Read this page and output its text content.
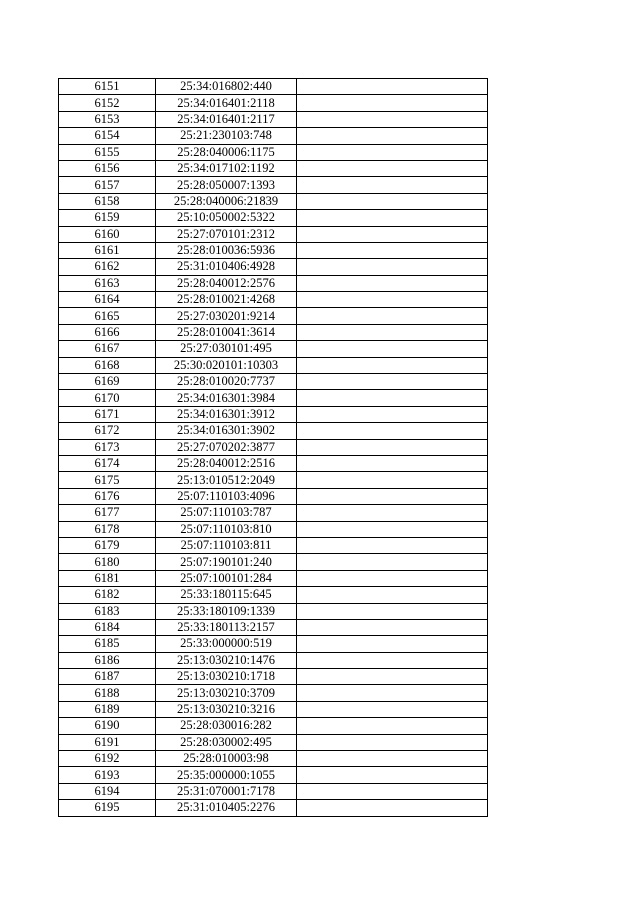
6151	25:34:016802:440	
6152	25:34:016401:2118	
6153	25:34:016401:2117	
6154	25:21:230103:748	
6155	25:28:040006:1175	
6156	25:34:017102:1192	
6157	25:28:050007:1393	
6158	25:28:040006:21839	
6159	25:10:050002:5322	
6160	25:27:070101:2312	
6161	25:28:010036:5936	
6162	25:31:010406:4928	
6163	25:28:040012:2576	
6164	25:28:010021:4268	
6165	25:27:030201:9214	
6166	25:28:010041:3614	
6167	25:27:030101:495	
6168	25:30:020101:10303	
6169	25:28:010020:7737	
6170	25:34:016301:3984	
6171	25:34:016301:3912	
6172	25:34:016301:3902	
6173	25:27:070202:3877	
6174	25:28:040012:2516	
6175	25:13:010512:2049	
6176	25:07:110103:4096	
6177	25:07:110103:787	
6178	25:07:110103:810	
6179	25:07:110103:811	
6180	25:07:190101:240	
6181	25:07:100101:284	
6182	25:33:180115:645	
6183	25:33:180109:1339	
6184	25:33:180113:2157	
6185	25:33:000000:519	
6186	25:13:030210:1476	
6187	25:13:030210:1718	
6188	25:13:030210:3709	
6189	25:13:030210:3216	
6190	25:28:030016:282	
6191	25:28:030002:495	
6192	25:28:010003:98	
6193	25:35:000000:1055	
6194	25:31:070001:7178	
6195	25:31:010405:2276	
